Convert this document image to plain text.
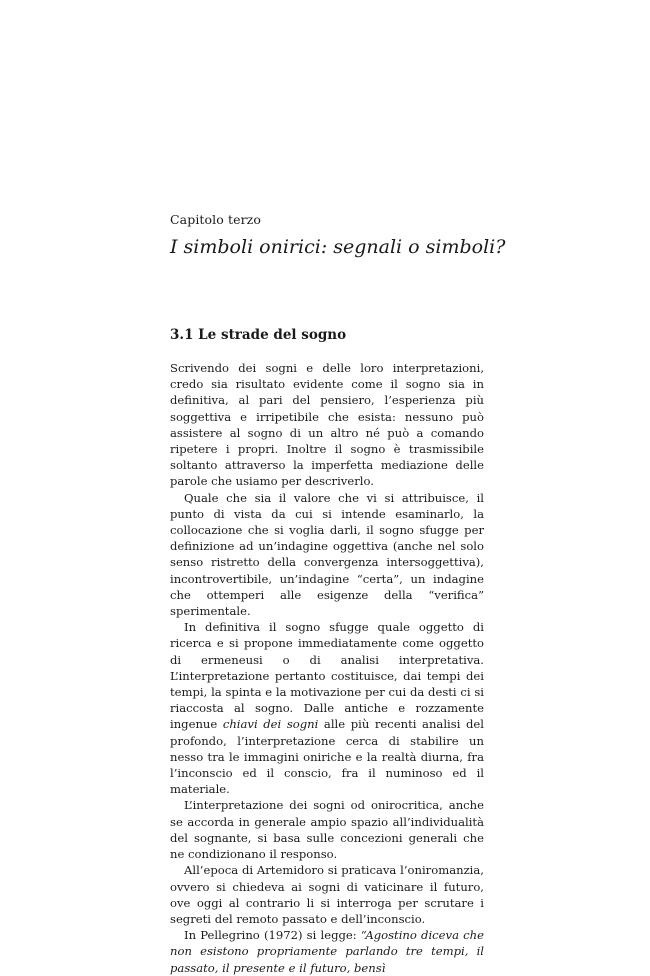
Capitolo terzo
I simboli onirici: segnali o simboli?
3.1 Le strade del sogno

Scrivendo dei sogni e delle loro interpretazioni, credo sia risultato evidente come il sogno sia in definitiva, al pari del pensiero, l’esperienza più soggettiva e irripetibile che esista: nessuno può assistere al sogno di un altro né può a comando ripetere i propri. Inoltre il sogno è trasmissibile soltanto attraverso la imperfetta mediazione delle parole che usiamo per descriverlo.

Quale che sia il valore che vi si attribuisce, il punto di vista da cui si intende esaminarlo, la collocazione che si voglia darli, il sogno sfugge per definizione ad un’indagine oggettiva (anche nel solo senso ristretto della convergenza intersoggettiva), incontrovertibile, un’indagine “certa”, un indagine che ottemperi alle esigenze della “verifica” sperimentale.

In definitiva il sogno sfugge quale oggetto di ricerca e si propone immediatamente come oggetto di ermeneusi o di analisi interpretativa. L’interpretazione pertanto costituisce, dai tempi dei tempi, la spinta e la motivazione per cui da desti ci si riaccosta al sogno. Dalle antiche e rozzamente ingenue chiavi dei sogni alle più recenti analisi del profondo, l’interpretazione cerca di stabilire un nesso tra le immagini oniriche e la realtà diurna, fra l’inconscio ed il conscio, fra il numinoso ed il materiale.

L’interpretazione dei sogni od onirocritica, anche se accorda in generale ampio spazio all’individualità del sognante, si basa sulle concezioni generali che ne condizionano il responso.

All’epoca di Artemidoro si praticava l’oniromanzia, ovvero si chiedeva ai sogni di vaticinare il futuro, ove oggi al contrario li si interroga per scrutare i segreti del remoto passato e dell’inconscio.

In Pellegrino (1972) si legge: “Agostino diceva che non esistono propriamente parlando tre tempi, il passato, il presente e il futuro, bensì
